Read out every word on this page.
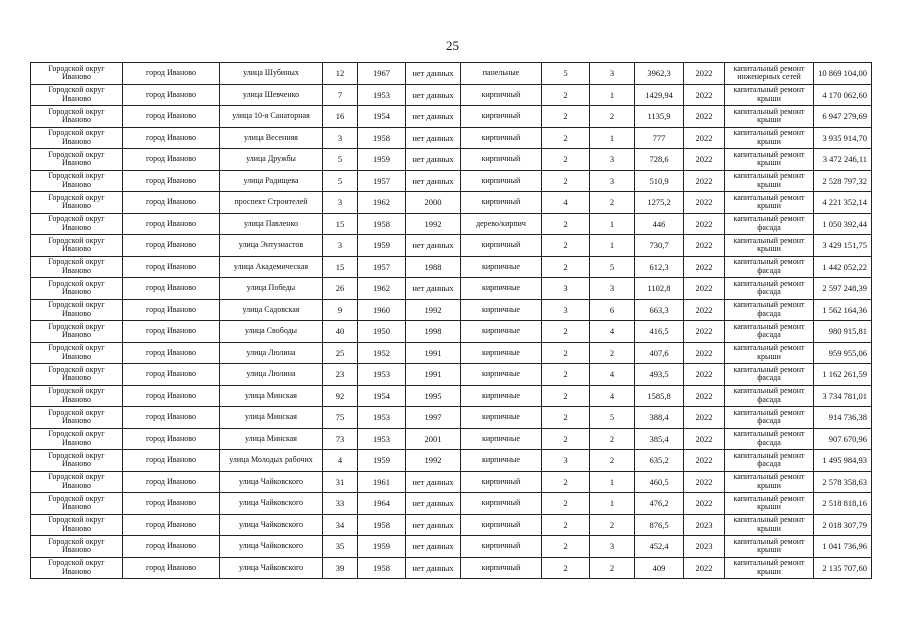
25
Городской округ Иваново	город Иваново	улица Шубиных	12	1967	нет данных	панельные	5	3	3962,3	2022	капитальный ремонт инженерных сетей	10 869 104,00
Городской округ Иваново	город Иваново	улица Шевченко	7	1953	нет данных	кирпичный	2	1	1429,94	2022	капитальный ремонт крыши	4 170 062,60
Городской округ Иваново	город Иваново	улица 10-я Санаторная	16	1954	нет данных	кирпичный	2	2	1135,9	2022	капитальный ремонт крыши	6 947 279,69
Городской округ Иваново	город Иваново	улица Весенняя	3	1958	нет данных	кирпичный	2	1	777	2022	капитальный ремонт крыши	3 935 914,70
Городской округ Иваново	город Иваново	улица Дружбы	5	1959	нет данных	кирпичный	2	3	728,6	2022	капитальный ремонт крыши	3 472 246,11
Городской округ Иваново	город Иваново	улица Радищева	5	1957	нет данных	кирпичный	2	3	510,9	2022	капитальный ремонт крыши	2 528 797,32
Городской округ Иваново	город Иваново	проспект Строителей	3	1962	2000	кирпичный	4	2	1275,2	2022	капитальный ремонт крыши	4 221 352,14
Городской округ Иваново	город Иваново	улица Павленко	15	1958	1992	дерево/кирпич	2	1	446	2022	капитальный ремонт фасада	1 050 392,44
Городской округ Иваново	город Иваново	улица Энтузиастов	3	1959	нет данных	кирпичный	2	1	730,7	2022	капитальный ремонт крыши	3 429 151,75
Городской округ Иваново	город Иваново	улица Академическая	15	1957	1988	кирпичные	2	5	612,3	2022	капитальный ремонт фасада	1 442 052,22
Городской округ Иваново	город Иваново	улица Победы	26	1962	нет данных	кирпичные	3	3	1102,8	2022	капитальный ремонт фасада	2 597 248,39
Городской округ Иваново	город Иваново	улица Садовская	9	1960	1992	кирпичные	3	6	663,3	2022	капитальный ремонт фасада	1 562 164,36
Городской округ Иваново	город Иваново	улица Свободы	40	1950	1998	кирпичные	2	4	416,5	2022	капитальный ремонт фасада	980 915,81
Городской округ Иваново	город Иваново	улица Люлина	25	1952	1991	кирпичные	2	2	407,6	2022	капитальный ремонт крыши	959 955,06
Городской округ Иваново	город Иваново	улица Люлина	23	1953	1991	кирпичные	2	4	493,5	2022	капитальный ремонт фасада	1 162 261,59
Городской округ Иваново	город Иваново	улица Минская	92	1954	1995	кирпичные	2	4	1585,8	2022	капитальный ремонт фасада	3 734 781,01
Городской округ Иваново	город Иваново	улица Минская	75	1953	1997	кирпичные	2	5	388,4	2022	капитальный ремонт фасада	914 736,38
Городской округ Иваново	город Иваново	улица Минская	73	1953	2001	кирпичные	2	2	385,4	2022	капитальный ремонт фасада	907 670,96
Городской округ Иваново	город Иваново	улица Молодых рабочих	4	1959	1992	кирпичные	3	2	635,2	2022	капитальный ремонт фасада	1 495 984,93
Городской округ Иваново	город Иваново	улица Чайковского	31	1961	нет данных	кирпичный	2	1	460,5	2022	капитальный ремонт крыши	2 578 358,63
Городской округ Иваново	город Иваново	улица Чайковского	33	1964	нет данных	кирпичный	2	1	476,2	2022	капитальный ремонт крыши	2 518 818,16
Городской округ Иваново	город Иваново	улица Чайковского	34	1958	нет данных	кирпичный	2	2	876,5	2023	капитальный ремонт крыши	2 018 307,79
Городской округ Иваново	город Иваново	улица Чайковского	35	1959	нет данных	кирпичный	2	3	452,4	2023	капитальный ремонт крыши	1 041 736,96
Городской округ Иваново	город Иваново	улица Чайковского	39	1958	нет данных	кирпичный	2	2	409	2022	капитальный ремонт крыши	2 135 707,60
